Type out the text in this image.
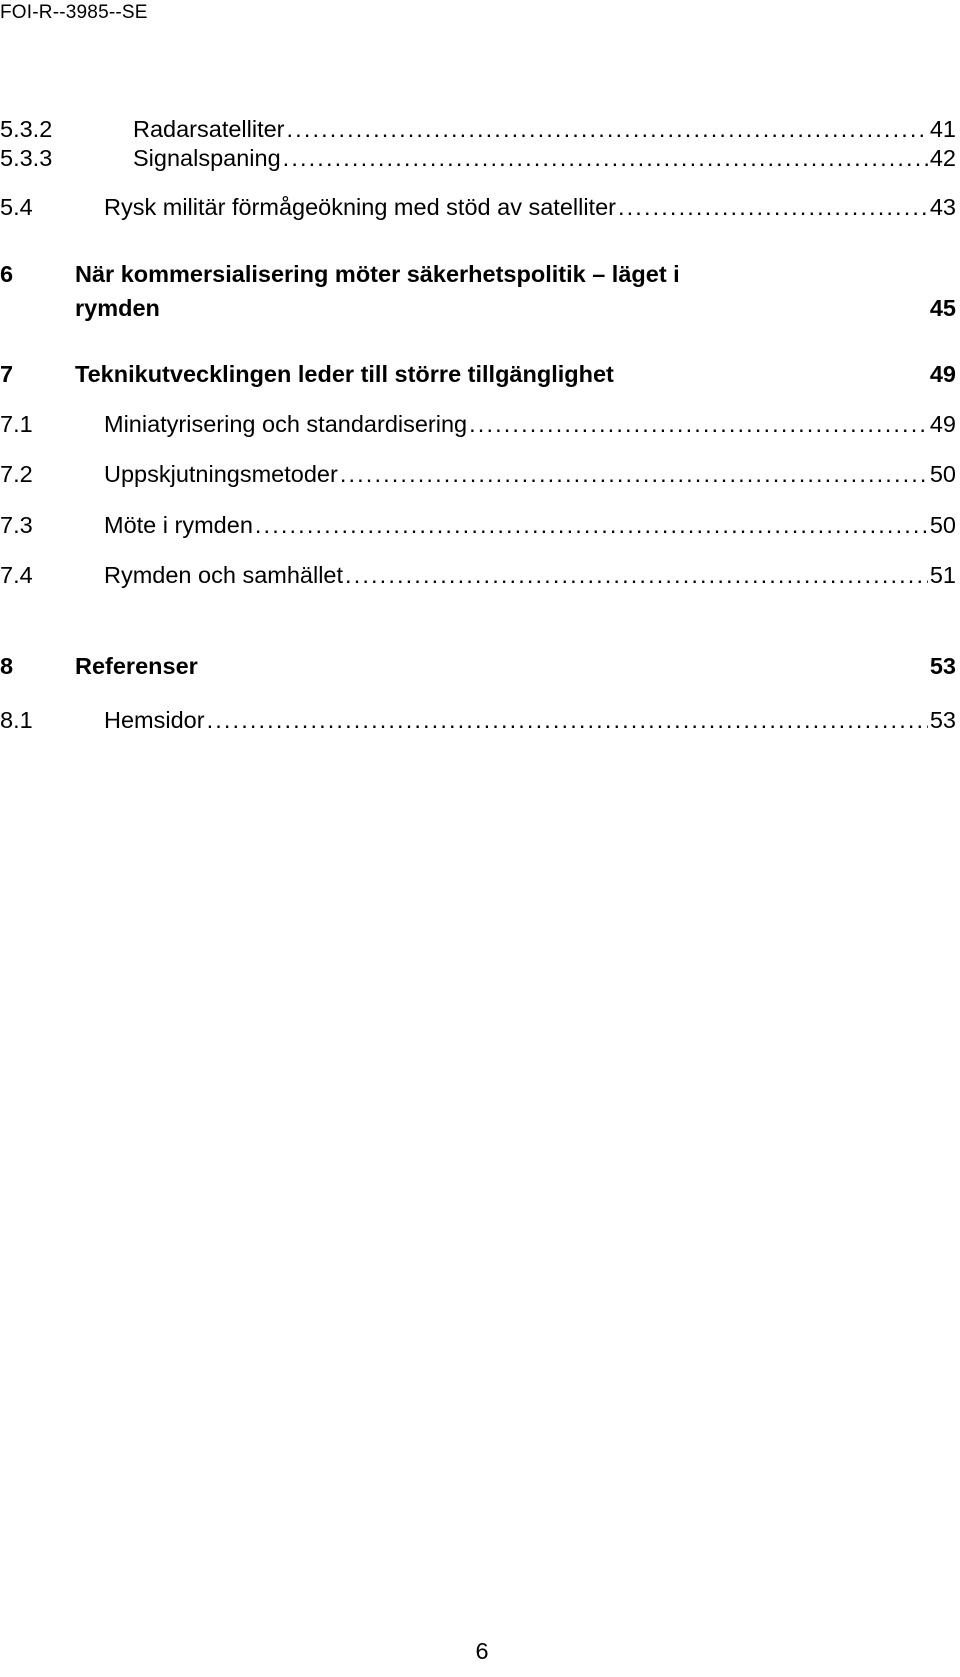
FOI-R--3985--SE
5.3.2	Radarsatelliter . . .	41
5.3.3	Signalspaning . . .	42
5.4	Rysk militär förmågeökning med stöd av satelliter . . .	43
6	När kommersialisering möter säkerhetspolitik – läget i
rymden	45
7	Teknikutvecklingen leder till större tillgänglighet	49
7.1	Miniatyrisering och standardisering . . .	49
7.2	Uppskjutningsmetoder . . .	50
7.3	Möte i rymden . . .	50
7.4	Rymden och samhället . . .	51
8	Referenser	53
8.1	Hemsidor . . .	53
6
